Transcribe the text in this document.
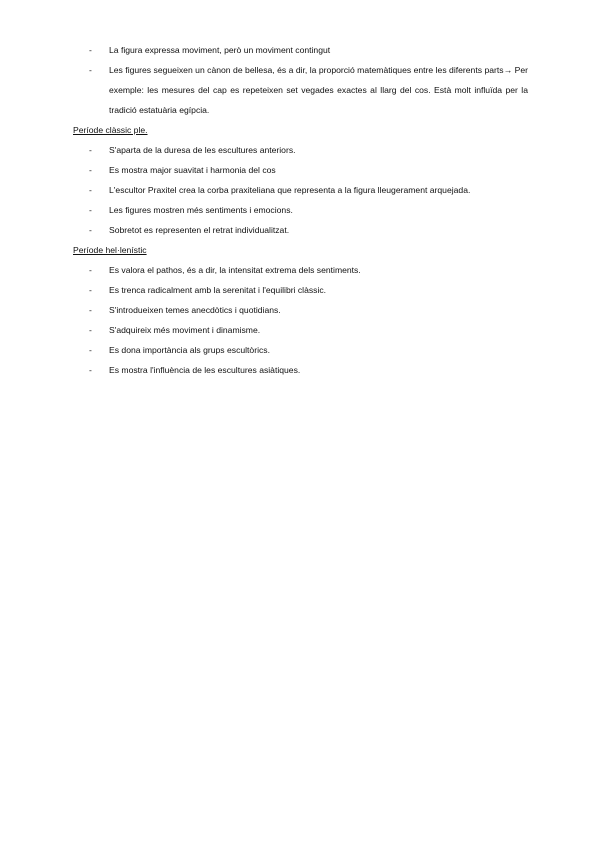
- La figura expressa moviment, però un moviment contingut
- Les figures segueixen un cànon de bellesa, és a dir, la proporció matemàtiques entre les diferents parts→ Per exemple: les mesures del cap es repeteixen set vegades exactes al llarg del cos. Està molt influïda per la tradició estatuària egípcia.
Període clàssic ple.
- S'aparta de la duresa de les escultures anteriors.
- Es mostra major suavitat i harmonia del cos
- L'escultor Praxitel crea la corba praxiteliana que representa a la figura lleugerament arquejada.
- Les figures mostren més sentiments i emocions.
- Sobretot es representen el retrat individualitzat.
Període hel·lenístic
- Es valora el pathos, és a dir, la intensitat extrema dels sentiments.
- Es trenca radicalment amb la serenitat i l'equilibri clàssic.
- S'introdueixen temes anecdòtics i quotidians.
- S'adquireix més moviment i dinamisme.
- Es dona importància als grups escultòrics.
- Es mostra l'influència de les escultures asiàtiques.
